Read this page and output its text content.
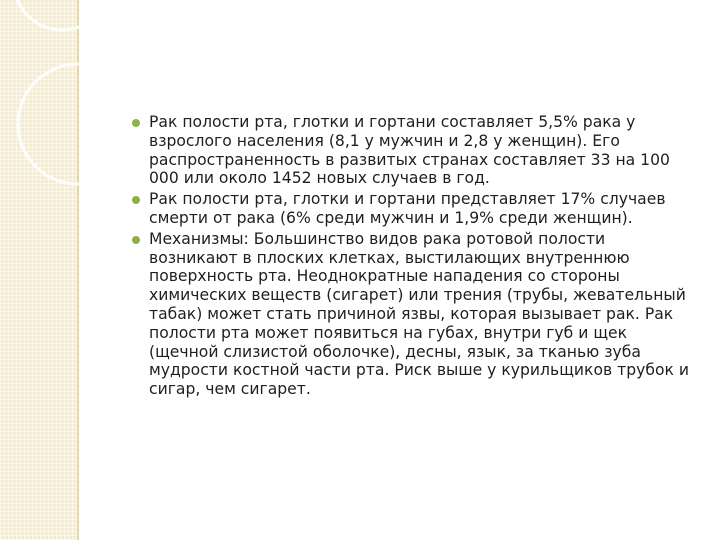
Рак полости рта, глотки и гортани составляет 5,5% рака у взрослого населения (8,1 у мужчин и 2,8 у женщин). Его распространенность в развитых странах составляет 33 на 100 000 или около 1452 новых случаев в год.
Рак полости рта, глотки и гортани представляет 17% случаев смерти от рака (6% среди мужчин и 1,9% среди женщин).
Механизмы: Большинство видов рака ротовой полости возникают в плоских клетках, выстилающих внутреннюю поверхность рта. Неоднократные нападения со стороны химических веществ (сигарет) или трения (трубы, жевательный табак) может стать причиной язвы, которая вызывает рак. Рак полости рта может появиться на губах, внутри губ и щек (щечной слизистой оболочке), десны, язык, за тканью зуба мудрости костной части рта. Риск выше у курильщиков трубок и сигар, чем сигарет.
